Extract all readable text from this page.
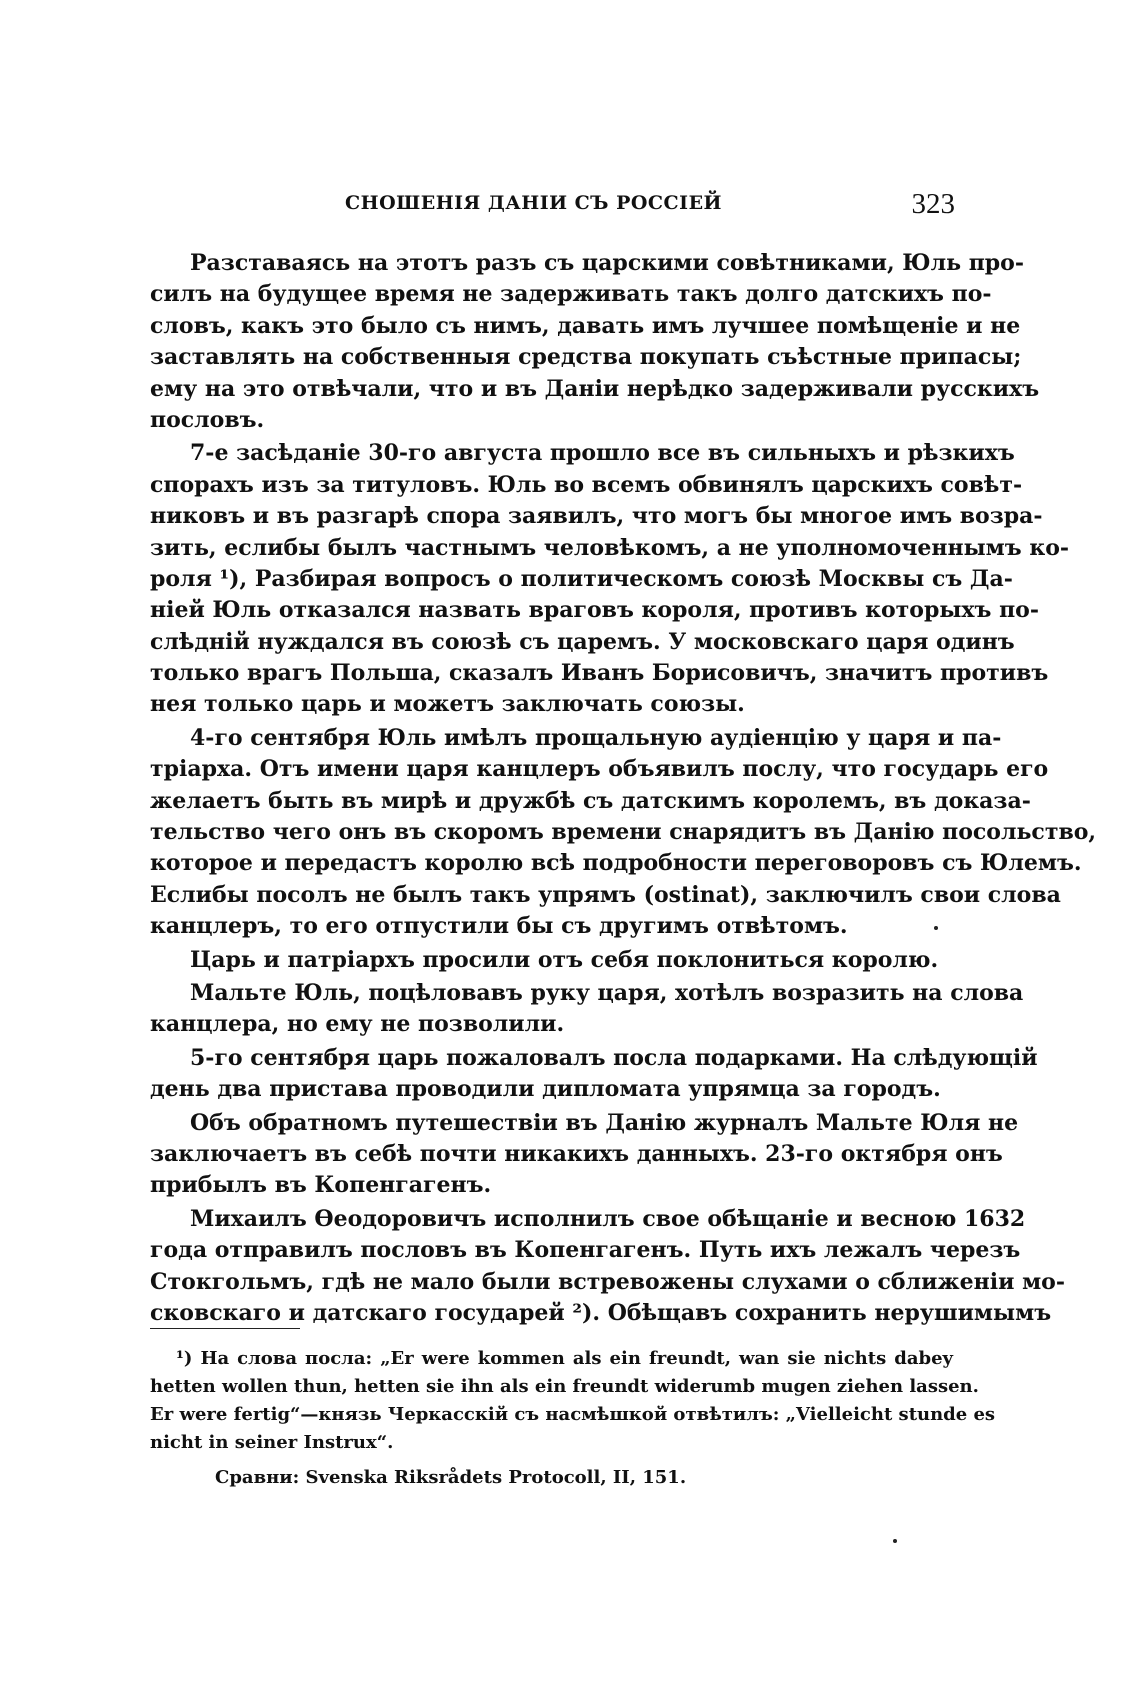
СНОШЕНІЯ ДАНІИ СЪ РОССІЕЙ	323
Разставаясь на этотъ разъ съ царскими совѣтниками, Юль про-
силъ на будущее время не задерживать такъ долго датскихъ по-
словъ, какъ это было съ нимъ, давать имъ лучшее помѣщеніе и не
заставлять на собственныя средства покупать съѣстные припасы;
ему на это отвѣчали, что и въ Даніи нерѣдко задерживали русскихъ
пословъ.
7-е засѣданіе 30-го августа прошло все въ сильныхъ и рѣзкихъ
спорахъ изъ за титуловъ. Юль во всемъ обвинялъ царскихъ совѣт-
никовъ и въ разгарѣ спора заявилъ, что могъ бы многое имъ возра-
зить, еслибы былъ частнымъ человѣкомъ, а не уполномоченнымъ ко-
роля ¹), Разбирая вопросъ о политическомъ союзѣ Москвы съ Да-
ніей Юль отказался назвать враговъ короля, противъ которыхъ по-
слѣдній нуждался въ союзѣ съ царемъ. У московскаго царя одинъ
только врагъ Польша, сказалъ Иванъ Борисовичъ, значитъ противъ
нея только царь и можетъ заключать союзы.
4-го сентября Юль имѣлъ прощальную аудіенцію у царя и па-
тріарха. Отъ имени царя канцлеръ объявилъ послу, что государь его
желаетъ быть въ мирѣ и дружбѣ съ датскимъ королемъ, въ доказа-
тельство чего онъ въ скоромъ времени снарядитъ въ Данію посольство,
которое и передастъ королю всѣ подробности переговоровъ съ Юлемъ.
Еслибы посолъ не былъ такъ упрямъ (ostinat), заключилъ свои слова
канцлеръ, то его отпустили бы съ другимъ отвѣтомъ.
Царь и патріархъ просили отъ себя поклониться королю.
Мальте Юль, поцѣловавъ руку царя, хотѣлъ возразить на слова
канцлера, но ему не позволили.
5-го сентября царь пожаловалъ посла подарками. На слѣдующій
день два пристава проводили дипломата упрямца за городъ.
Объ обратномъ путешествіи въ Данію журналъ Мальте Юля не
заключаетъ въ себѣ почти никакихъ данныхъ. 23-го октября онъ
прибылъ въ Копенгагенъ.
Михаилъ Ѳеодоровичъ исполнилъ свое обѣщаніе и весною 1632
года отправилъ пословъ въ Копенгагенъ. Путь ихъ лежалъ черезъ
Стокгольмъ, гдѣ не мало были встревожены слухами о сближеніи мо-
сковскаго и датскаго государей ²). Обѣщавъ сохранить нерушимымъ
¹) На слова посла: „Er were kommen als ein freundt, wan sie nichts dabey
hetten wollen thun, hetten sie ihn als ein freundt widerumb mugen ziehen lassen.
Er were fertig“—князь Черкасскій съ насмѣшкой отвѣтилъ: „Vielleicht stunde es
nicht in seiner Instrux“.
Сравни: Svenska Riksrådets Protocoll, II, 151.
